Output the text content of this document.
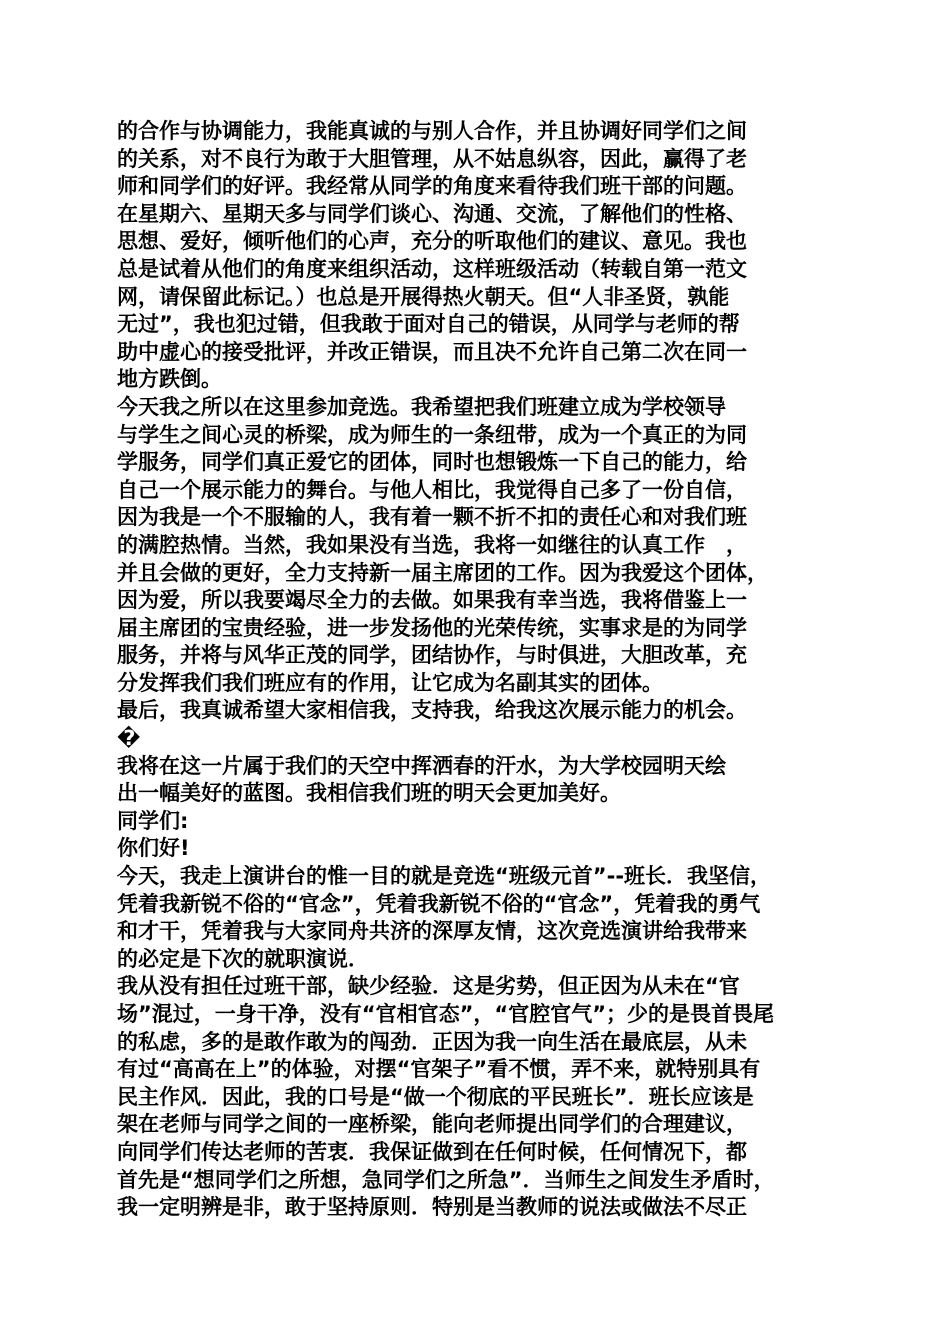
的合作与协调能力，我能真诚的与别人合作，并且协调好同学们之间
的关系，对不良行为敢于大胆管理，从不姑息纵容，因此，赢得了老
师和同学们的好评。我经常从同学的角度来看待我们班干部的问题。
在星期六、星期天多与同学们谈心、沟通、交流，了解他们的性格、
思想、爱好，倾听他们的心声，充分的听取他们的建议、意见。我也
总是试着从他们的角度来组织活动，这样班级活动（转载自第一范文
网，请保留此标记。）也总是开展得热火朝天。但“人非圣贤，孰能
无过”，我也犯过错，但我敢于面对自己的错误，从同学与老师的帮
助中虚心的接受批评，并改正错误，而且决不允许自己第二次在同一
地方跌倒。
今天我之所以在这里参加竞选。我希望把我们班建立成为学校领导
与学生之间心灵的桥梁，成为师生的一条纽带，成为一个真正的为同
学服务，同学们真正爱它的团体，同时也想锻炼一下自己的能力，给
自己一个展示能力的舞台。与他人相比，我觉得自己多了一份自信，
因为我是一个不服输的人，我有着一颗不折不扣的责任心和对我们班
的满腔热情。当然，我如果没有当选，我将一如继往的认真工作　，
并且会做的更好，全力支持新一届主席团的工作。因为我爱这个团体，
因为爱，所以我要竭尽全力的去做。如果我有幸当选，我将借鉴上一
届主席团的宝贵经验，进一步发扬他的光荣传统，实事求是的为同学
服务，并将与风华正茂的同学，团结协作，与时俱进，大胆改革，充
分发挥我们我们班应有的作用，让它成为名副其实的团体。
最后，我真诚希望大家相信我，支持我，给我这次展示能力的机会。
�
我将在这一片属于我们的天空中挥洒春的汗水，为大学校园明天绘
出一幅美好的蓝图。我相信我们班的明天会更加美好。
同学们:
你们好!
今天，我走上演讲台的惟一目的就是竞选“班级元首”--班长．我坚信，
凭着我新锐不俗的“官念”，凭着我新锐不俗的“官念”，凭着我的勇气
和才干，凭着我与大家同舟共济的深厚友情，这次竞选演讲给我带来
的必定是下次的就职演说．
我从没有担任过班干部，缺少经验．这是劣势，但正因为从未在“官
场”混过，一身干净，没有“官相官态”，“官腔官气”；少的是畏首畏尾
的私虑，多的是敢作敢为的闯劲．正因为我一向生活在最底层，从未
有过“高高在上”的体验，对摆“官架子”看不惯，弄不来，就特别具有
民主作风．因此，我的口号是“做一个彻底的平民班长”．班长应该是
架在老师与同学之间的一座桥梁，能向老师提出同学们的合理建议，
向同学们传达老师的苦衷．我保证做到在任何时候，任何情况下，都
首先是“想同学们之所想，急同学们之所急”．当师生之间发生矛盾时，
我一定明辨是非，敢于坚持原则．特别是当教师的说法或做法不尽正
